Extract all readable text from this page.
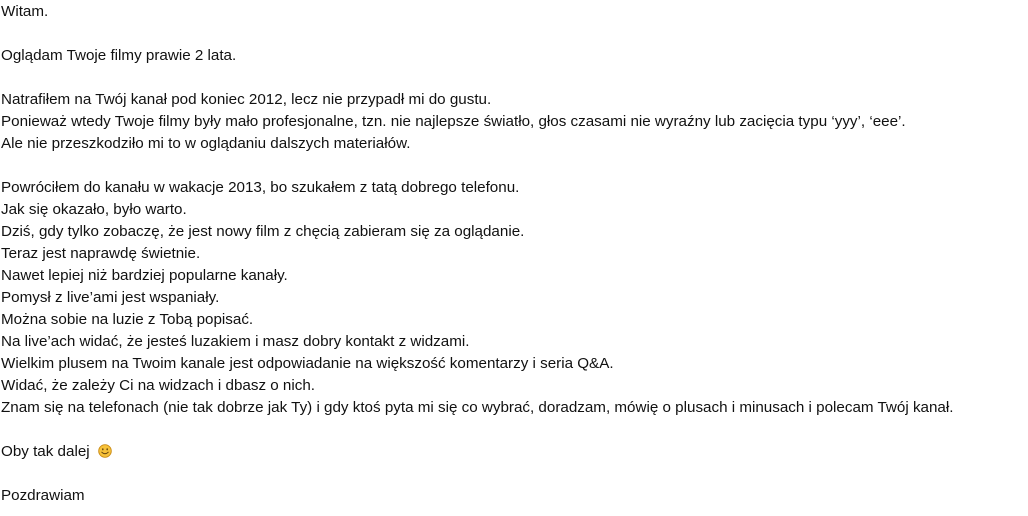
Witam.
Oglądam Twoje filmy prawie 2 lata.
Natrafiłem na Twój kanał pod koniec 2012, lecz nie przypadł mi do gustu.
Ponieważ wtedy Twoje filmy były mało profesjonalne, tzn. nie najlepsze światło, głos czasami nie wyraźny lub zacięcia typu ‘yyy’, ‘eee’.
Ale nie przeszkodziło mi to w oglądaniu dalszych materiałów.
Powróciłem do kanału w wakacje 2013, bo szukałem z tatą dobrego telefonu.
Jak się okazało, było warto.
Dziś, gdy tylko zobaczę, że jest nowy film z chęcią zabieram się za oglądanie.
Teraz jest naprawdę świetnie.
Nawet lepiej niż bardziej popularne kanały.
Pomysł z live’ami jest wspaniały.
Można sobie na luzie z Tobą popisać.
Na live’ach widać, że jesteś luzakiem i masz dobry kontakt z widzami.
Wielkim plusem na Twoim kanale jest odpowiadanie na większość komentarzy i seria Q&A.
Widać, że zależy Ci na widzach i dbasz o nich.
Znam się na telefonach (nie tak dobrze jak Ty) i gdy ktoś pyta mi się co wybrać, doradzam, mówię o plusach i minusach i polecam Twój kanał.
Oby tak dalej
Pozdrawiam
